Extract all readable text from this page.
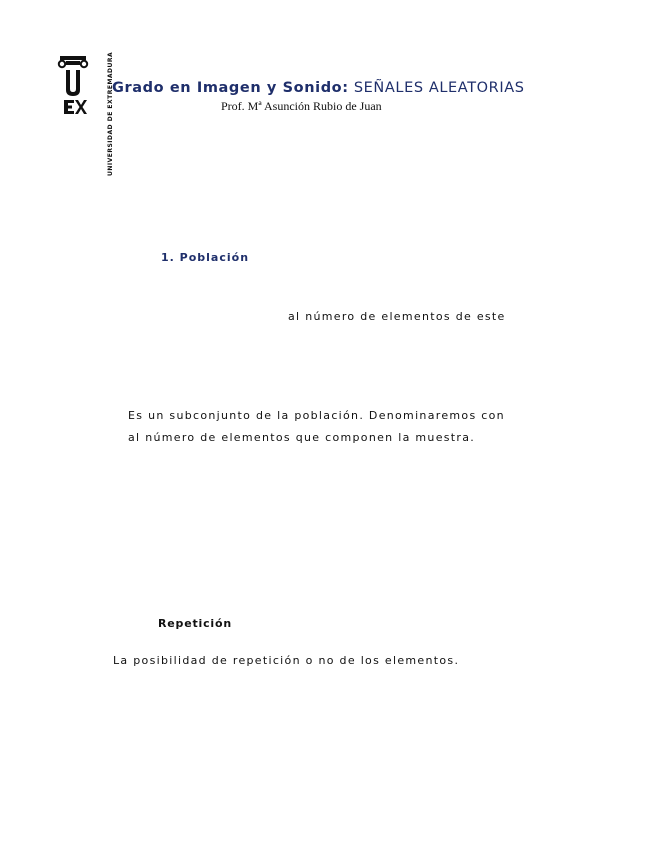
UNIVERSIDAD DE EXTREMADURA
Grado en Imagen y Sonido: SEÑALES ALEATORIAS
Prof. Mª Asunción Rubio de Juan
1. Población
al número de elementos de este
Es un subconjunto de la población. Denominaremos con
al número de elementos que componen la muestra.
Repetición
La posibilidad de repetición o no de los elementos.
